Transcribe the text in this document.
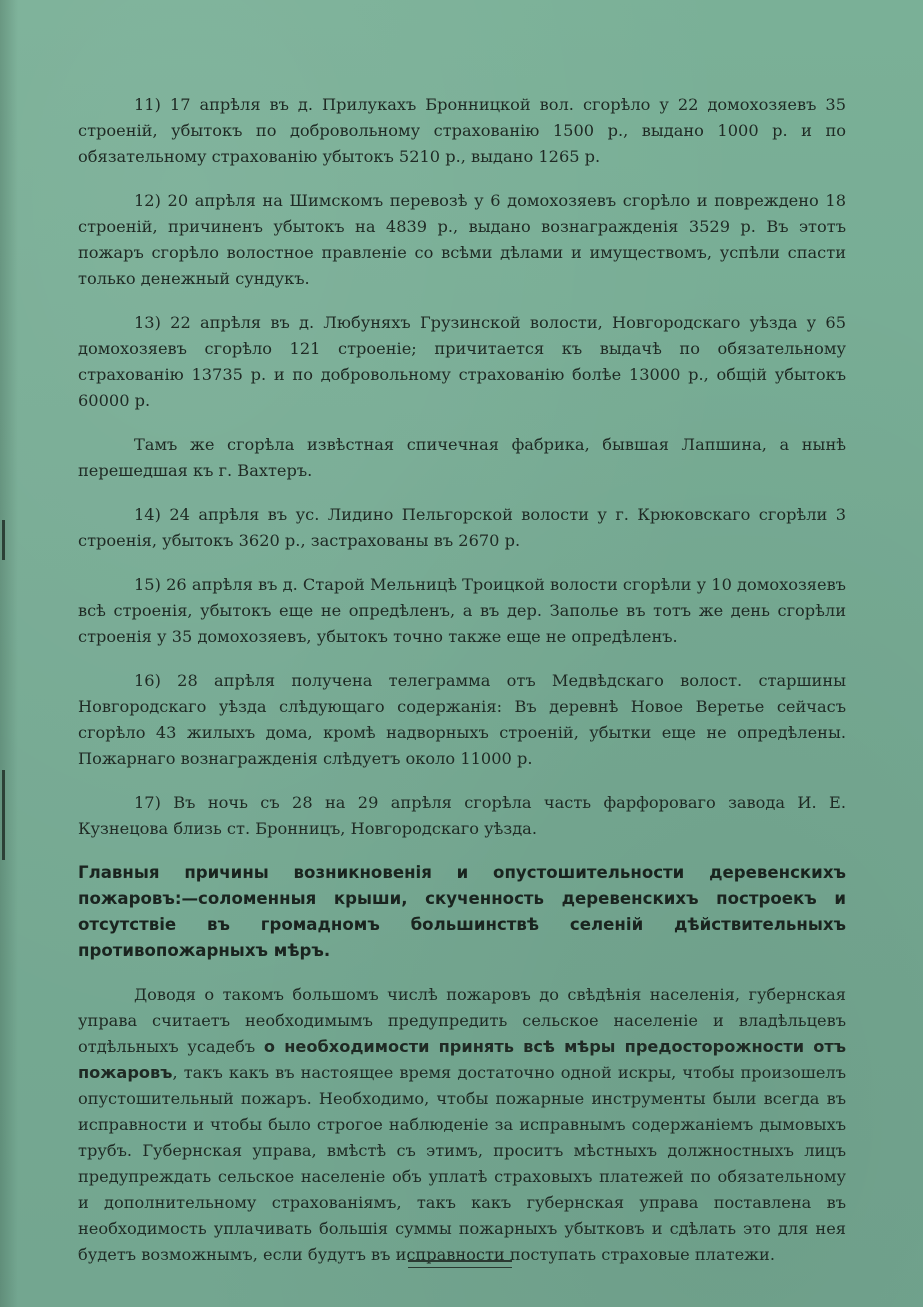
11) 17 апрѣля въ д. Прилукахъ Бронницкой вол. сгорѣло у 22 домохозяевъ 35 строеній, убытокъ по добровольному страхованію 1500 р., выдано 1000 р. и по обязательному страхованію убытокъ 5210 р., выдано 1265 р.

12) 20 апрѣля на Шимскомъ перевозѣ у 6 домохозяевъ сгорѣло и повреждено 18 строеній, причиненъ убытокъ на 4839 р., выдано вознагражденія 3529 р. Въ этотъ пожаръ сгорѣло волостное правленіе со всѣми дѣлами и имуществомъ, успѣли спасти только денежный сундукъ.

13) 22 апрѣля въ д. Любуняхъ Грузинской волости, Новгородскаго уѣзда у 65 домохозяевъ сгорѣло 121 строеніе; причитается къ выдачѣ по обязательному страхованію 13735 р. и по добровольному страхованію болѣе 13000 р., общій убытокъ 60000 р.

Тамъ же сгорѣла извѣстная спичечная фабрика, бывшая Лапшина, а нынѣ перешедшая къ г. Вахтеръ.

14) 24 апрѣля въ ус. Лидино Пельгорской волости у г. Крюковскаго сгорѣли 3 строенія, убытокъ 3620 р., застрахованы въ 2670 р.

15) 26 апрѣля въ д. Старой Мельницѣ Троицкой волости сгорѣли у 10 домохозяевъ всѣ строенія, убытокъ еще не опредѣленъ, а въ дер. Заполье въ тотъ же день сгорѣли строенія у 35 домохозяевъ, убытокъ точно также еще не опредѣленъ.

16) 28 апрѣля получена телеграмма отъ Медвѣдскаго волост. старшины Новгородскаго уѣзда слѣдующаго содержанія: Въ деревнѣ Новое Веретье сейчасъ сгорѣло 43 жилыхъ дома, кромѣ надворныхъ строеній, убытки еще не опредѣлены. Пожарнаго вознагражденія слѣдуетъ около 11000 р.

17) Въ ночь съ 28 на 29 апрѣля сгорѣла часть фарфороваго завода И. Е. Кузнецова близь ст. Бронницъ, Новгородскаго уѣзда.

Главныя причины возникновенія и опустошительности деревенскихъ пожаровъ:—соломенныя крыши, скученность деревенскихъ построекъ и отсутствіе въ громадномъ большинствѣ селеній дѣйствительныхъ противопожарныхъ мѣръ.

Доводя о такомъ большомъ числѣ пожаровъ до свѣдѣнія населенія, губернская управа считаетъ необходимымъ предупредить сельское населеніе и владѣльцевъ отдѣльныхъ усадебъ о необходимости принять всѣ мѣры предосторожности отъ пожаровъ, такъ какъ въ настоящее время достаточно одной искры, чтобы произошелъ опустошительный пожаръ. Необходимо, чтобы пожарные инструменты были всегда въ исправности и чтобы было строгое наблюденіе за исправнымъ содержаніемъ дымовыхъ трубъ. Губернская управа, вмѣстѣ съ этимъ, проситъ мѣстныхъ должностныхъ лицъ предупреждать сельское населеніе объ уплатѣ страховыхъ платежей по обязательному и дополнительному страхованіямъ, такъ какъ губернская управа поставлена въ необходимость уплачивать большія суммы пожарныхъ убытковъ и сдѣлать это для нея будетъ возможнымъ, если будутъ въ исправности поступать страховые платежи.
